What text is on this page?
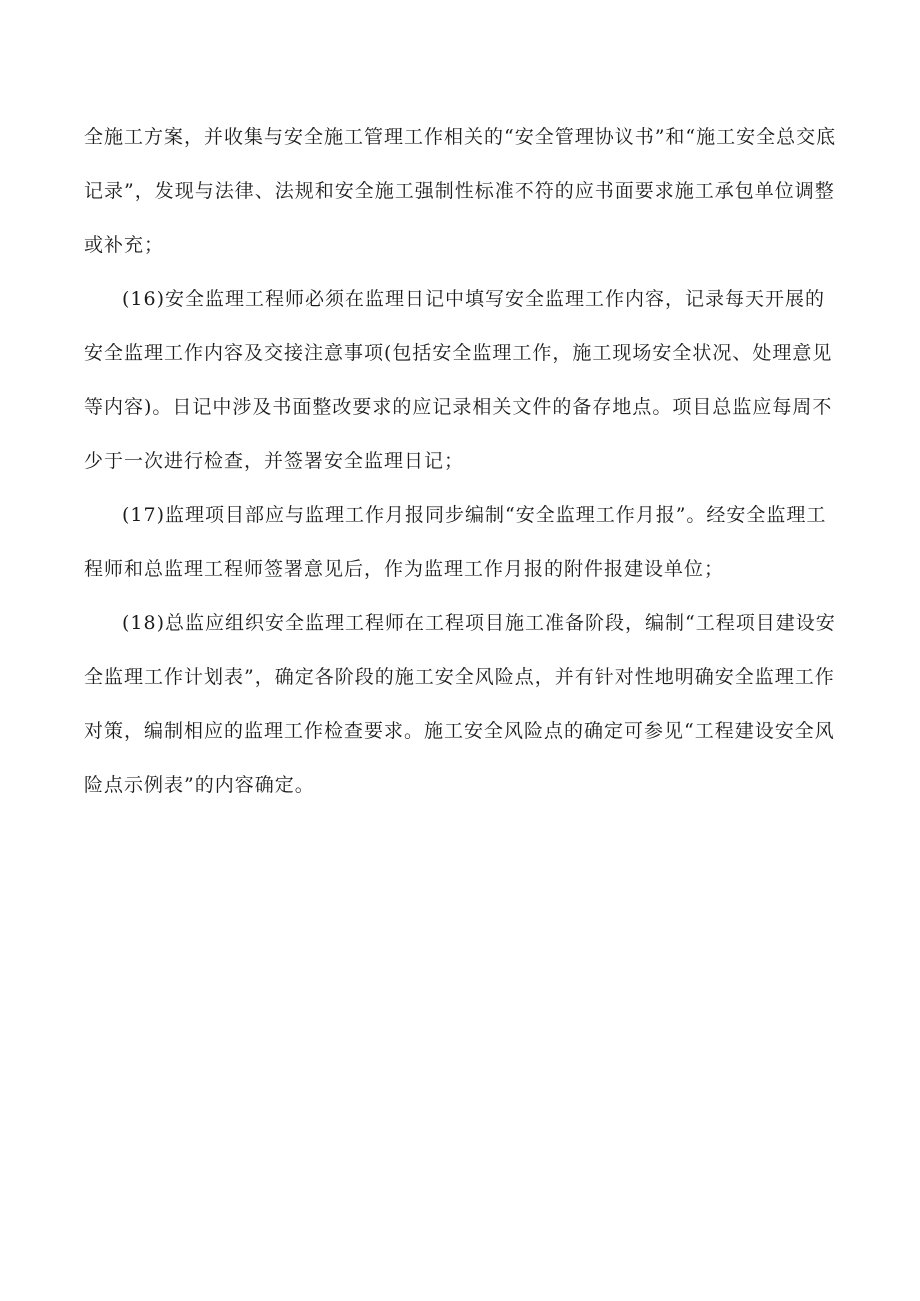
全施工方案，并收集与安全施工管理工作相关的“安全管理协议书”和“施工安全总交底记录”，发现与法律、法规和安全施工强制性标准不符的应书面要求施工承包单位调整或补充；

(16)安全监理工程师必须在监理日记中填写安全监理工作内容，记录每天开展的安全监理工作内容及交接注意事项(包括安全监理工作，施工现场安全状况、处理意见等内容)。日记中涉及书面整改要求的应记录相关文件的备存地点。项目总监应每周不少于一次进行检查，并签署安全监理日记；

(17)监理项目部应与监理工作月报同步编制“安全监理工作月报”。经安全监理工程师和总监理工程师签署意见后，作为监理工作月报的附件报建设单位；

(18)总监应组织安全监理工程师在工程项目施工准备阶段，编制“工程项目建设安全监理工作计划表”，确定各阶段的施工安全风险点，并有针对性地明确安全监理工作对策，编制相应的监理工作检查要求。施工安全风险点的确定可参见“工程建设安全风险点示例表”的内容确定。
